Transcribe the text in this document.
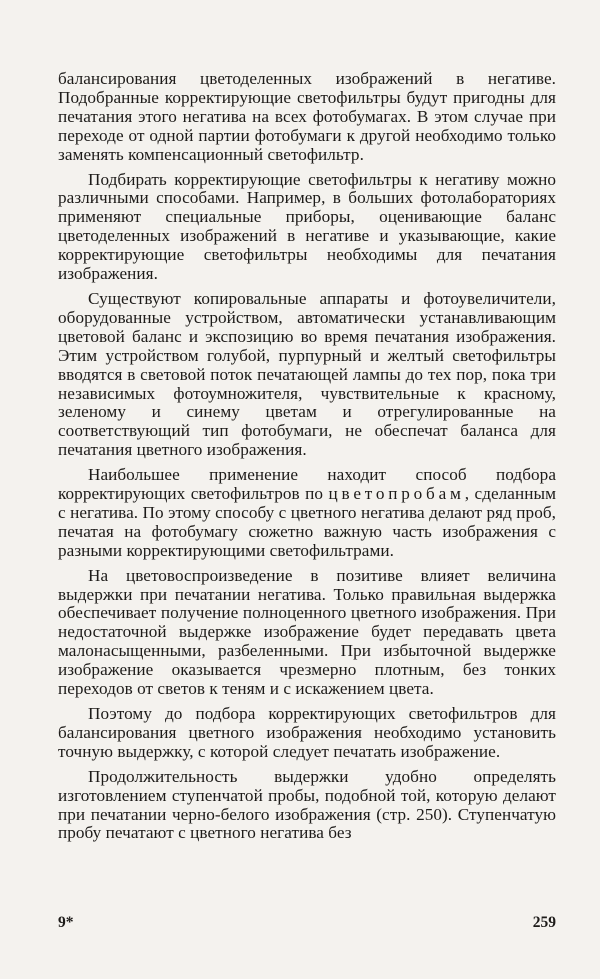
балансирования цветоделенных изображений в негативе. Подобранные корректирующие светофильтры будут пригодны для печатания этого негатива на всех фотобумагах. В этом случае при переходе от одной партии фотобумаги к другой необходимо только заменять компенсационный светофильтр.

Подбирать корректирующие светофильтры к негативу можно различными способами. Например, в больших фотолабораториях применяют специальные приборы, оценивающие баланс цветоделенных изображений в негативе и указывающие, какие корректирующие светофильтры необходимы для печатания изображения.

Существуют копировальные аппараты и фотоувеличители, оборудованные устройством, автоматически устанавливающим цветовой баланс и экспозицию во время печатания изображения. Этим устройством голубой, пурпурный и желтый светофильтры вводятся в световой поток печатающей лампы до тех пор, пока три независимых фотоумножителя, чувствительные к красному, зеленому и синему цветам и отрегулированные на соответствующий тип фотобумаги, не обеспечат баланса для печатания цветного изображения.

Наибольшее применение находит способ подбора корректирующих светофильтров по цветопробам, сделанным с негатива. По этому способу с цветного негатива делают ряд проб, печатая на фотобумагу сюжетно важную часть изображения с разными корректирующими светофильтрами.

На цветовоспроизведение в позитиве влияет величина выдержки при печатании негатива. Только правильная выдержка обеспечивает получение полноценного цветного изображения. При недостаточной выдержке изображение будет передавать цвета малонасыщенными, разбеленными. При избыточной выдержке изображение оказывается чрезмерно плотным, без тонких переходов от светов к теням и с искажением цвета.

Поэтому до подбора корректирующих светофильтров для балансирования цветного изображения необходимо установить точную выдержку, с которой следует печатать изображение.

Продолжительность выдержки удобно определять изготовлением ступенчатой пробы, подобной той, которую делают при печатании черно-белого изображения (стр. 250). Ступенчатую пробу печатают с цветного негатива без

9*	259
